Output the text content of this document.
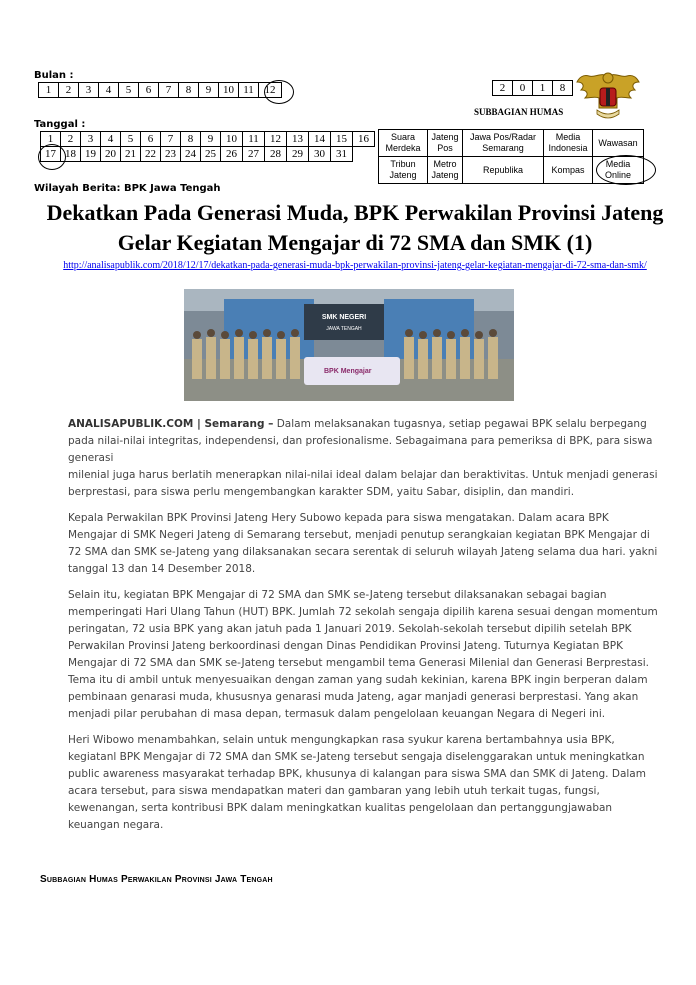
Bulan :
1	2	3	4	5	6	7	8	9	10	11	12
Tanggal :
1	2	3	4	5	6	7	8	9	10	11	12	13	14	15	16
17	18	19	20	21	22	23	24	25	26	27	28	29	30	31	
Wilayah Berita: BPK Jawa Tengah
2	0	1	8
SUBBAGIAN HUMAS
Suara Merdeka	Jateng Pos	Jawa Pos/Radar Semarang	Media Indonesia	Wawasan
Tribun Jateng	Metro Jateng	Republika	Kompas	Media Online
Dekatkan Pada Generasi Muda, BPK Perwakilan Provinsi Jateng Gelar Kegiatan Mengajar di 72 SMA dan SMK (1)
http://analisapublik.com/2018/12/17/dekatkan-pada-generasi-muda-bpk-perwakilan-provinsi-jateng-gelar-kegiatan-mengajar-di-72-sma-dan-smk/
SMK NEGERI
JAWA TENGAH
BPK Mengajar

ANALISAPUBLIK.COM | Semarang – Dalam melaksanakan tugasnya, setiap pegawai BPK selalu berpegang pada nilai-nilai integritas, independensi, dan profesionalisme. Sebagaimana para pemeriksa di BPK, para siswa generasi
milenial juga harus berlatih menerapkan nilai-nilai ideal dalam belajar dan beraktivitas. Untuk menjadi generasi berprestasi, para siswa perlu mengembangkan karakter SDM, yaitu Sabar, disiplin, dan mandiri.

Kepala Perwakilan BPK Provinsi Jateng Hery Subowo kepada para siswa mengatakan. Dalam acara BPK Mengajar di SMK Negeri Jateng di Semarang tersebut, menjadi penutup serangkaian kegiatan BPK Mengajar di 72 SMA dan SMK se-Jateng yang dilaksanakan secara serentak di seluruh wilayah Jateng selama dua hari. yakni tanggal 13 dan 14 Desember 2018.

Selain itu, kegiatan BPK Mengajar di 72 SMA dan SMK se-Jateng tersebut dilaksanakan sebagai bagian memperingati Hari Ulang Tahun (HUT) BPK. Jumlah 72 sekolah sengaja dipilih karena sesuai dengan momentum peringatan, 72 usia BPK yang akan jatuh pada 1 Januari 2019. Sekolah-sekolah tersebut dipilih setelah BPK Perwakilan Provinsi Jateng berkoordinasi dengan Dinas Pendidikan Provinsi Jateng. Tuturnya Kegiatan BPK Mengajar di 72 SMA dan SMK se-Jateng tersebut mengambil tema Generasi Milenial dan Generasi Berprestasi. Tema itu di ambil untuk menyesuaikan dengan zaman yang sudah kekinian, karena BPK ingin berperan dalam pembinaan genarasi muda, khususnya genarasi muda Jateng, agar manjadi generasi berprestasi. Yang akan menjadi pilar perubahan di masa depan, termasuk dalam pengelolaan keuangan Negara di Negeri ini.

Heri Wibowo menambahkan, selain untuk mengungkapkan rasa syukur karena bertambahnya usia BPK, kegiatanl BPK Mengajar di 72 SMA dan SMK se-Jateng tersebut sengaja diselenggarakan untuk meningkatkan public awareness masyarakat terhadap BPK, khusunya di kalangan para siswa SMA dan SMK di Jateng. Dalam acara tersebut, para siswa mendapatkan materi dan gambaran yang lebih utuh terkait tugas, fungsi, kewenangan, serta kontribusi BPK dalam meningkatkan kualitas pengelolaan dan pertanggungjawaban keuangan negara.

Subbagian Humas Perwakilan Provinsi Jawa Tengah
